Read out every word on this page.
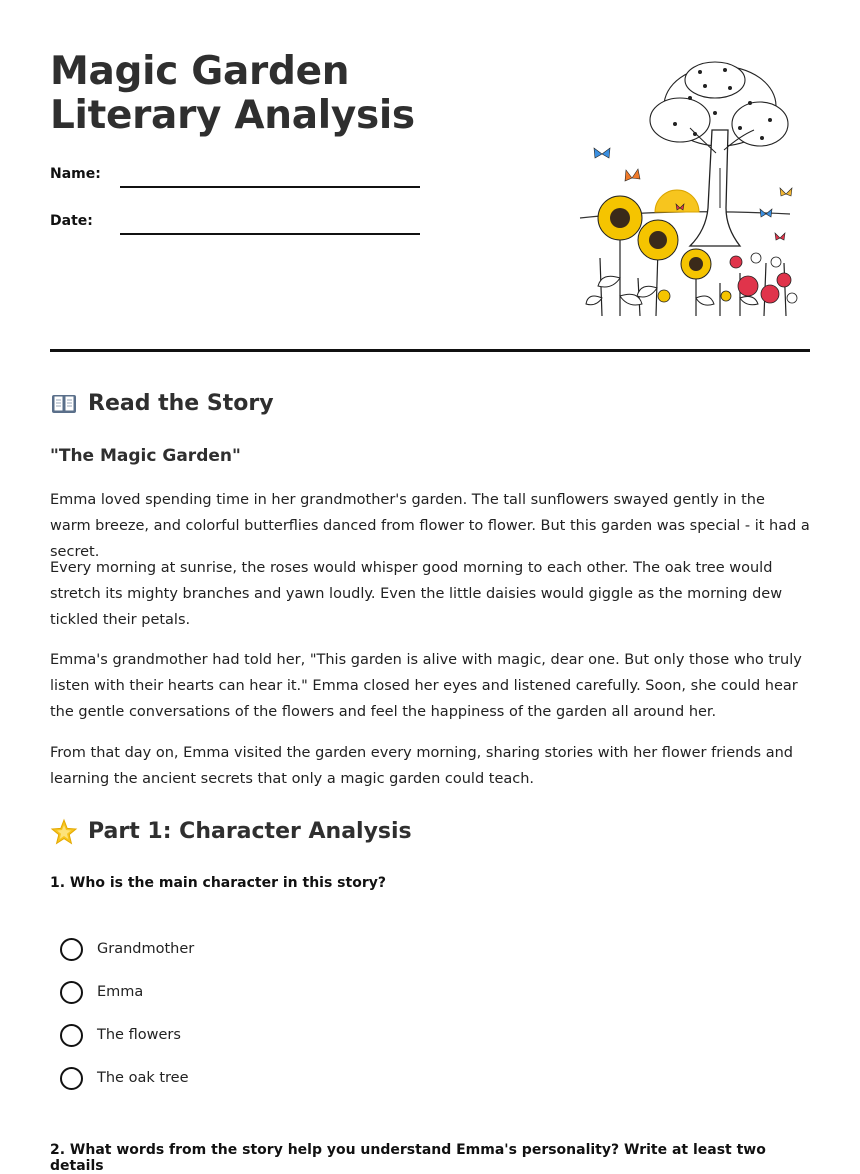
Magic Garden Literary Analysis
Name:
Date:
Read the Story
"The Magic Garden"

Emma loved spending time in her grandmother's garden. The tall sunflowers swayed gently in the warm breeze, and colorful butterflies danced from flower to flower. But this garden was special - it had a secret.

Every morning at sunrise, the roses would whisper good morning to each other. The oak tree would stretch its mighty branches and yawn loudly. Even the little daisies would giggle as the morning dew tickled their petals.

Emma's grandmother had told her, "This garden is alive with magic, dear one. But only those who truly listen with their hearts can hear it." Emma closed her eyes and listened carefully. Soon, she could hear the gentle conversations of the flowers and feel the happiness of the garden all around her.

From that day on, Emma visited the garden every morning, sharing stories with her flower friends and learning the ancient secrets that only a magic garden could teach.

Part 1: Character Analysis

1. Who is the main character in this story?

Grandmother
Emma
The flowers
The oak tree

2. What words from the story help you understand Emma's personality? Write at least two details
